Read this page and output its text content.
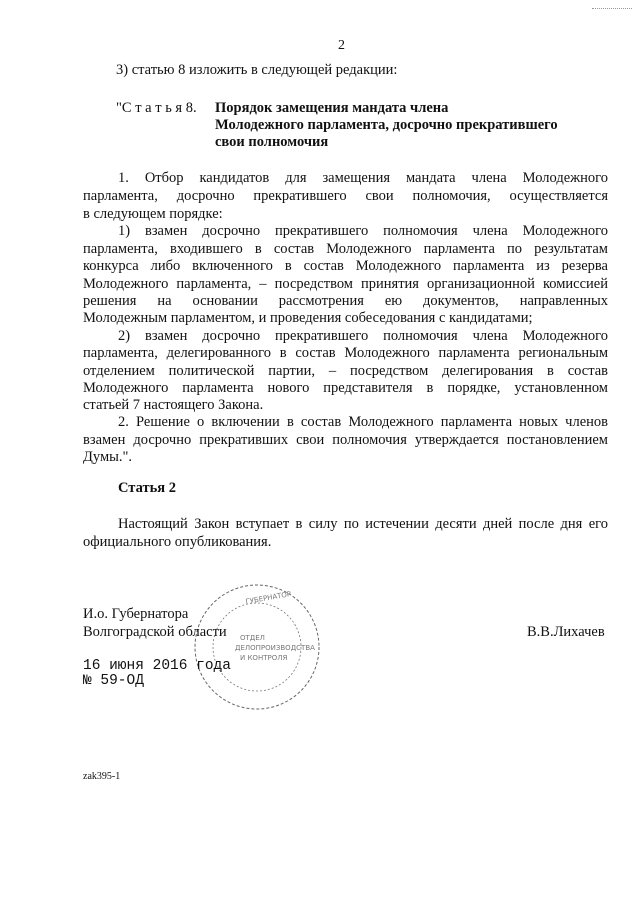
2
3) статью 8 изложить в следующей редакции:
"С т а т ь я 8. Порядок замещения мандата члена
Молодежного парламента, досрочно прекратившего
свои полномочия
1. Отбор кандидатов для замещения мандата члена Молодежного
парламента, досрочно прекратившего свои полномочия, осуществляется
в следующем порядке:
1) взамен досрочно прекратившего полномочия члена Молодежного
парламента, входившего в состав Молодежного парламента по результатам
конкурса либо включенного в состав Молодежного парламента из резерва
Молодежного парламента, – посредством принятия организационной комиссией
решения на основании рассмотрения ею документов, направленных
Молодежным парламентом, и проведения собеседования с кандидатами;
2) взамен досрочно прекратившего полномочия члена Молодежного
парламента, делегированного в состав Молодежного парламента региональным
отделением политической партии, – посредством делегирования в состав
Молодежного парламента нового представителя в порядке, установленном
статьей 7 настоящего Закона.
2. Решение о включении в состав Молодежного парламента новых членов
взамен досрочно прекративших свои полномочия утверждается постановлением
Думы.".
Статья 2
Настоящий Закон вступает в силу по истечении десяти дней после дня его
официального опубликования.
ГУБЕРНАТОР
ОТДЕЛ
ДЕЛОПРОИЗВОДСТВА
И КОНТРОЛЯ
И.о. Губернатора
Волгоградской области	В.В.Лихачев
16 июня 2016 года
№ 59-ОД
zak395-1
